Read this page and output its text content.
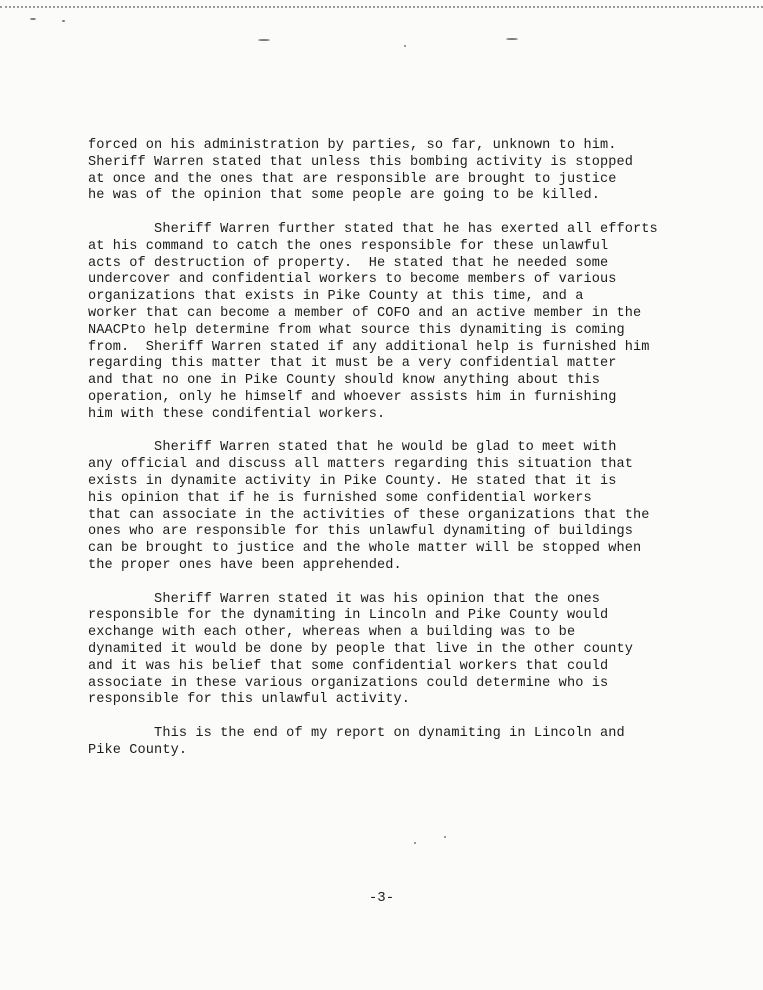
forced on his administration by parties, so far, unknown to him.
Sheriff Warren stated that unless this bombing activity is stopped
at once and the ones that are responsible are brought to justice
he was of the opinion that some people are going to be killed.
Sheriff Warren further stated that he has exerted all efforts
at his command to catch the ones responsible for these unlawful
acts of destruction of property.  He stated that he needed some
undercover and confidential workers to become members of various
organizations that exists in Pike County at this time, and a
worker that can become a member of COFO and an active member in the
NAACPto help determine from what source this dynamiting is coming
from.  Sheriff Warren stated if any additional help is furnished him
regarding this matter that it must be a very confidential matter
and that no one in Pike County should know anything about this
operation, only he himself and whoever assists him in furnishing
him with these condifential workers.
Sheriff Warren stated that he would be glad to meet with
any official and discuss all matters regarding this situation that
exists in dynamite activity in Pike County. He stated that it is
his opinion that if he is furnished some confidential workers
that can associate in the activities of these organizations that the
ones who are responsible for this unlawful dynamiting of buildings
can be brought to justice and the whole matter will be stopped when
the proper ones have been apprehended.
Sheriff Warren stated it was his opinion that the ones
responsible for the dynamiting in Lincoln and Pike County would
exchange with each other, whereas when a building was to be
dynamited it would be done by people that live in the other county
and it was his belief that some confidential workers that could
associate in these various organizations could determine who is
responsible for this unlawful activity.
This is the end of my report on dynamiting in Lincoln and
Pike County.
-3-
